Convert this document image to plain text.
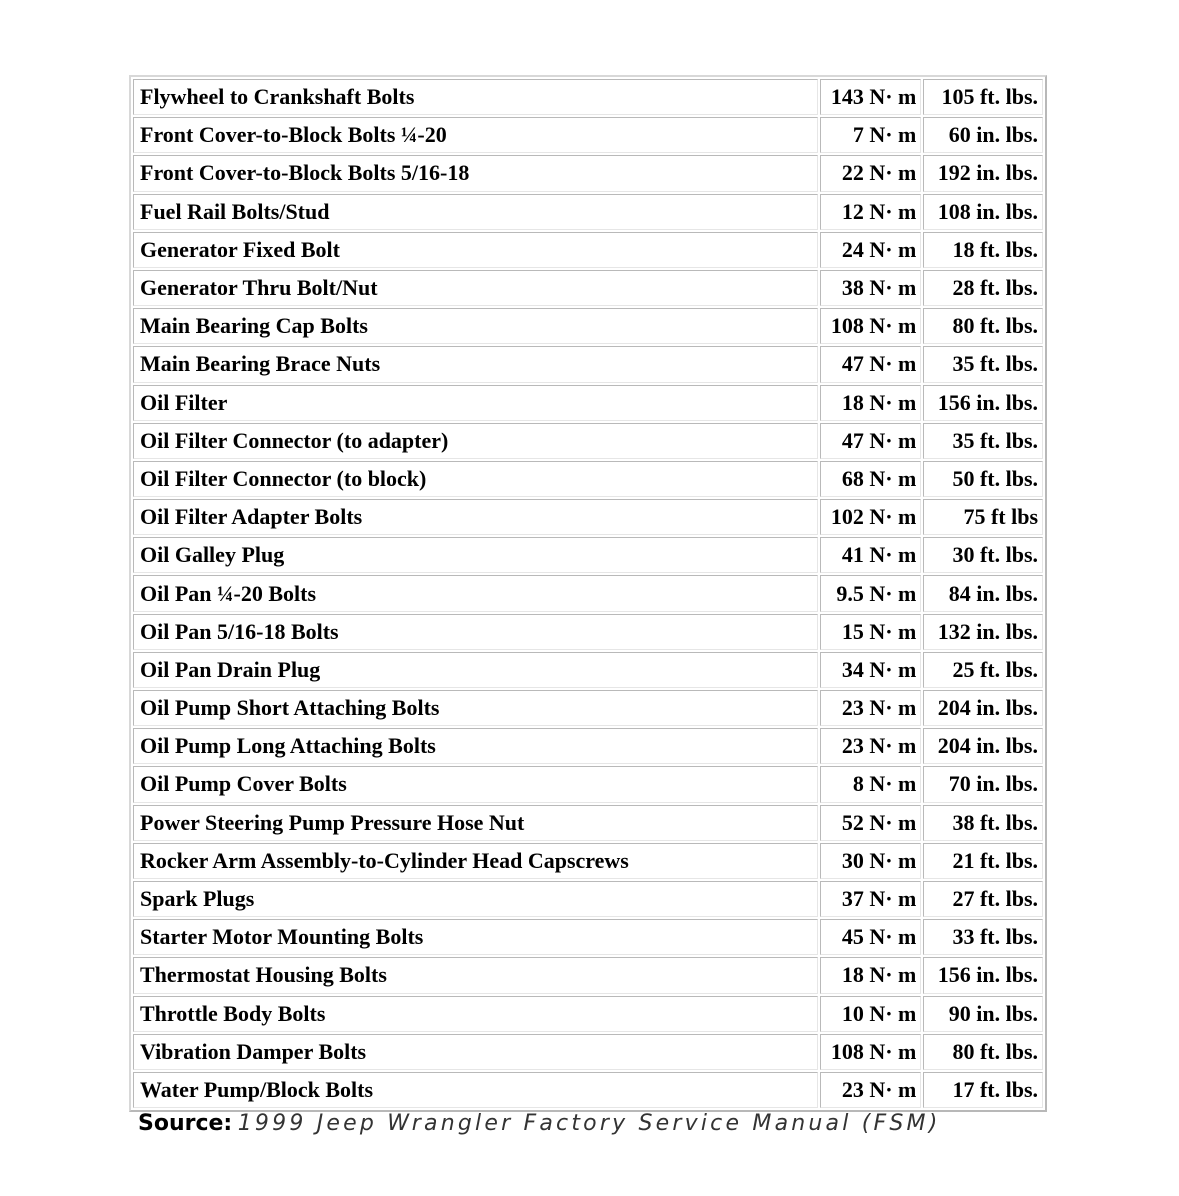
Flywheel to Crankshaft Bolts	143 N· m	105 ft. lbs.
Front Cover-to-Block Bolts ¼-20	7 N· m	60 in. lbs.
Front Cover-to-Block Bolts 5/16-18	22 N· m	192 in. lbs.
Fuel Rail Bolts/Stud	12 N· m	108 in. lbs.
Generator Fixed Bolt	24 N· m	18 ft. lbs.
Generator Thru Bolt/Nut	38 N· m	28 ft. lbs.
Main Bearing Cap Bolts	108 N· m	80 ft. lbs.
Main Bearing Brace Nuts	47 N· m	35 ft. lbs.
Oil Filter	18 N· m	156 in. lbs.
Oil Filter Connector (to adapter)	47 N· m	35 ft. lbs.
Oil Filter Connector (to block)	68 N· m	50 ft. lbs.
Oil Filter Adapter Bolts	102 N· m	75 ft lbs
Oil Galley Plug	41 N· m	30 ft. lbs.
Oil Pan ¼-20 Bolts	9.5 N· m	84 in. lbs.
Oil Pan 5/16-18 Bolts	15 N· m	132 in. lbs.
Oil Pan Drain Plug	34 N· m	25 ft. lbs.
Oil Pump Short Attaching Bolts	23 N· m	204 in. lbs.
Oil Pump Long Attaching Bolts	23 N· m	204 in. lbs.
Oil Pump Cover Bolts	8 N· m	70 in. lbs.
Power Steering Pump Pressure Hose Nut	52 N· m	38 ft. lbs.
Rocker Arm Assembly-to-Cylinder Head Capscrews	30 N· m	21 ft. lbs.
Spark Plugs	37 N· m	27 ft. lbs.
Starter Motor Mounting Bolts	45 N· m	33 ft. lbs.
Thermostat Housing Bolts	18 N· m	156 in. lbs.
Throttle Body Bolts	10 N· m	90 in. lbs.
Vibration Damper Bolts	108 N· m	80 ft. lbs.
Water Pump/Block Bolts	23 N· m	17 ft. lbs.
Source: 1999 Jeep Wrangler Factory Service Manual (FSM)
